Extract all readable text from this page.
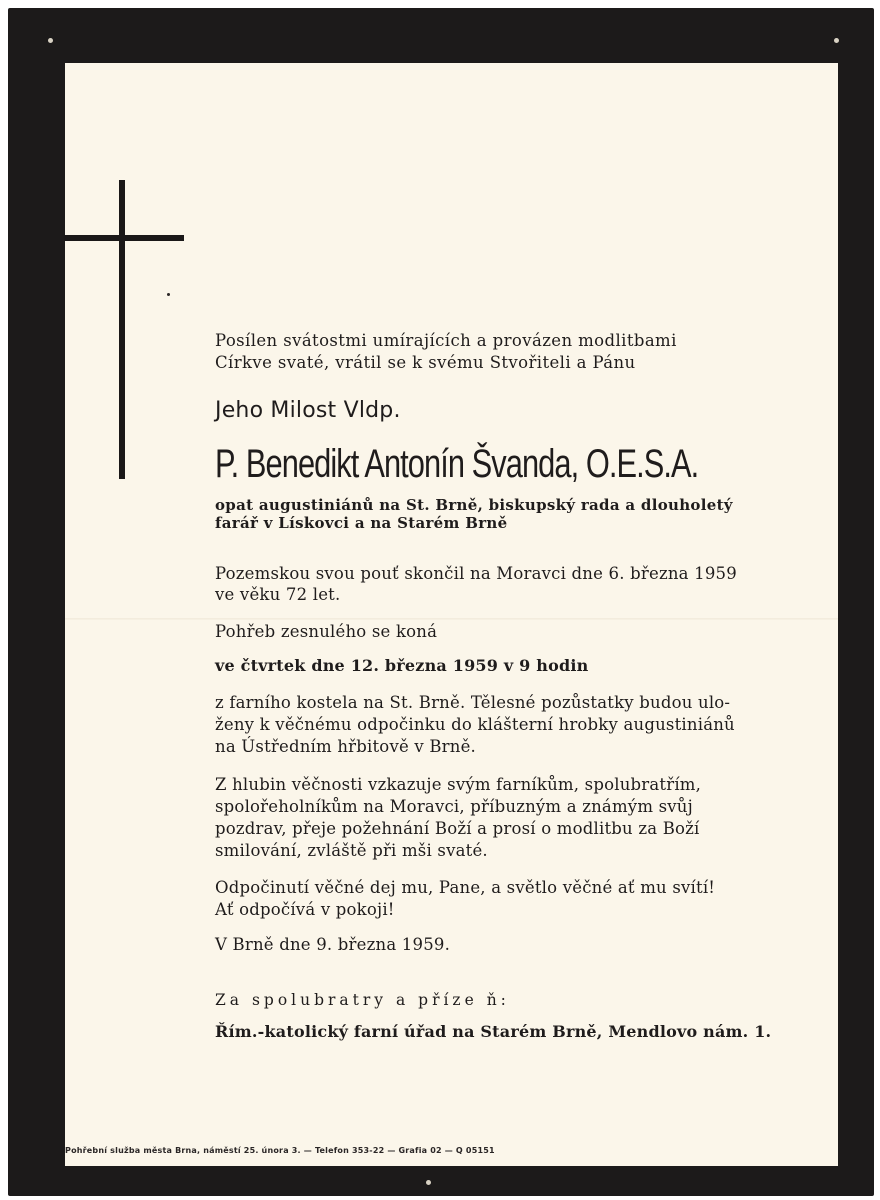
Posílen svátostmi umírajících a provázen modlitbami
Církve svaté, vrátil se k svému Stvořiteli a Pánu
Jeho Milost Vldp.
P. Benedikt Antonín Švanda, O.E.S.A.
opat augustiniánů na St. Brně, biskupský rada a dlouholetý
farář v Lískovci a na Starém Brně
Pozemskou svou pouť skončil na Moravci dne 6. března 1959
ve věku 72 let.
Pohřeb zesnulého se koná
ve čtvrtek dne 12. března 1959 v 9 hodin
z farního kostela na St. Brně. Tělesné pozůstatky budou ulo-
ženy k věčnému odpočinku do klášterní hrobky augustiniánů
na Ústředním hřbitově v Brně.
Z hlubin věčnosti vzkazuje svým farníkům, spolubratřím,
spolořeholníkům na Moravci, příbuzným a známým svůj
pozdrav, přeje požehnání Boží a prosí o modlitbu za Boží
smilování, zvláště při mši svaté.
Odpočinutí věčné dej mu, Pane, a světlo věčné ať mu svítí!
Ať odpočívá v pokoji!
V Brně dne 9. března 1959.
Za spolubratry a příze ň:
Řím.-katolický farní úřad na Starém Brně, Mendlovo nám. 1.
Pohřební služba města Brna, náměstí 25. února 3. — Telefon 353-22 — Grafia 02 — Q 05151
